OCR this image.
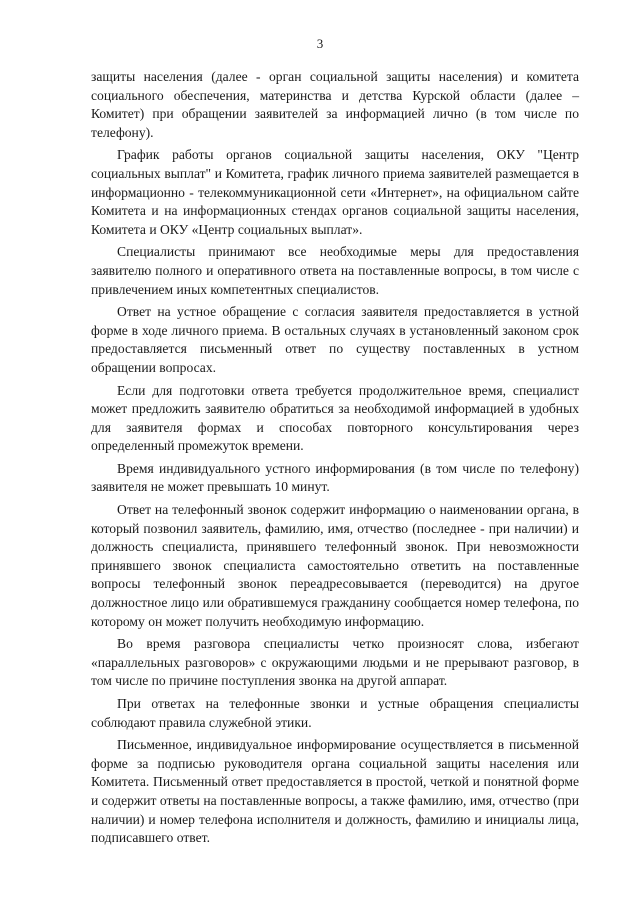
3

защиты населения (далее - орган социальной защиты населения) и комитета социального обеспечения, материнства и детства Курской области (далее – Комитет) при обращении заявителей за информацией лично (в том числе по телефону).

График работы органов социальной защиты населения, ОКУ "Центр социальных выплат" и Комитета, график личного приема заявителей размещается в информационно - телекоммуникационной сети «Интернет», на официальном сайте Комитета и на информационных стендах органов социальной защиты населения, Комитета и ОКУ «Центр социальных выплат».

Специалисты принимают все необходимые меры для предоставления заявителю полного и оперативного ответа на поставленные вопросы, в том числе с привлечением иных компетентных специалистов.

Ответ на устное обращение с согласия заявителя предоставляется в устной форме в ходе личного приема. В остальных случаях в установленный законом срок предоставляется письменный ответ по существу поставленных в устном обращении вопросах.

Если для подготовки ответа требуется продолжительное время, специалист может предложить заявителю обратиться за необходимой информацией в удобных для заявителя формах и способах повторного консультирования через определенный промежуток времени.

Время индивидуального устного информирования (в том числе по телефону) заявителя не может превышать 10 минут.

Ответ на телефонный звонок содержит информацию о наименовании органа, в который позвонил заявитель, фамилию, имя, отчество (последнее - при наличии) и должность специалиста, принявшего телефонный звонок. При невозможности принявшего звонок специалиста самостоятельно ответить на поставленные вопросы телефонный звонок переадресовывается (переводится) на другое должностное лицо или обратившемуся гражданину сообщается номер телефона, по которому он может получить необходимую информацию.

Во время разговора специалисты четко произносят слова, избегают «параллельных разговоров» с окружающими людьми и не прерывают разговор, в том числе по причине поступления звонка на другой аппарат.

При ответах на телефонные звонки и устные обращения специалисты соблюдают правила служебной этики.

Письменное, индивидуальное информирование осуществляется в письменной форме за подписью руководителя органа социальной защиты населения или Комитета. Письменный ответ предоставляется в простой, четкой и понятной форме и содержит ответы на поставленные вопросы, а также фамилию, имя, отчество (при наличии) и номер телефона исполнителя и должность, фамилию и инициалы лица, подписавшего ответ.
